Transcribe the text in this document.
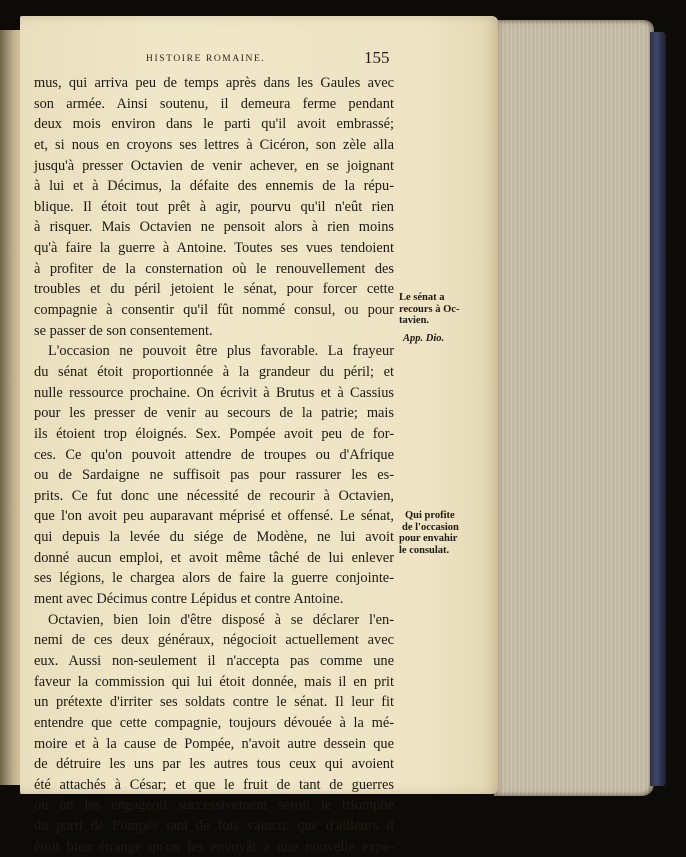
HISTOIRE ROMAINE.	155
mus, qui arriva peu de temps après dans les Gaules avec
son armée. Ainsi soutenu, il demeura ferme pendant
deux mois environ dans le parti qu'il avoit embrassé;
et, si nous en croyons ses lettres à Cicéron, son zèle alla
jusqu'à presser Octavien de venir achever, en se joignant
à lui et à Décimus, la défaite des ennemis de la répu-
blique. Il étoit tout prêt à agir, pourvu qu'il n'eût rien
à risquer. Mais Octavien ne pensoit alors à rien moins
qu'à faire la guerre à Antoine. Toutes ses vues tendoient
à profiter de la consternation où le renouvellement des
troubles et du péril jetoient le sénat, pour forcer cette
compagnie à consentir qu'il fût nommé consul, ou pour
se passer de son consentement.
L'occasion ne pouvoit être plus favorable. La frayeur
du sénat étoit proportionnée à la grandeur du péril; et
nulle ressource prochaine. On écrivit à Brutus et à Cassius
pour les presser de venir au secours de la patrie; mais
ils étoient trop éloignés. Sex. Pompée avoit peu de for-
ces. Ce qu'on pouvoit attendre de troupes ou d'Afrique
ou de Sardaigne ne suffisoit pas pour rassurer les es-
prits. Ce fut donc une nécessité de recourir à Octavien,
que l'on avoit peu auparavant méprisé et offensé. Le sénat,
qui depuis la levée du siége de Modène, ne lui avoit
donné aucun emploi, et avoit même tâché de lui enlever
ses légions, le chargea alors de faire la guerre conjointe-
ment avec Décimus contre Lépidus et contre Antoine.
Octavien, bien loin d'être disposé à se déclarer l'en-
nemi de ces deux généraux, négocioit actuellement avec
eux. Aussi non-seulement il n'accepta pas comme une
faveur la commission qui lui étoit donnée, mais il en prit
un prétexte d'irriter ses soldats contre le sénat. Il leur fit
entendre que cette compagnie, toujours dévouée à la mé-
moire et à la cause de Pompée, n'avoit autre dessein que
de détruire les uns par les autres tous ceux qui avoient
été attachés à César; et que le fruit de tant de guerres
où on les engageoit successivement seroit le triomphe
du parti de Pompée tant de fois vaincu: que d'ailleurs il
étoit bien étrange qu'on les envoyât à une nouvelle expé-
Le sénat a
recours à Oc-
tavien.
App. Dio.
Qui profite
de l'occasion
pour envahir
le consulat.
